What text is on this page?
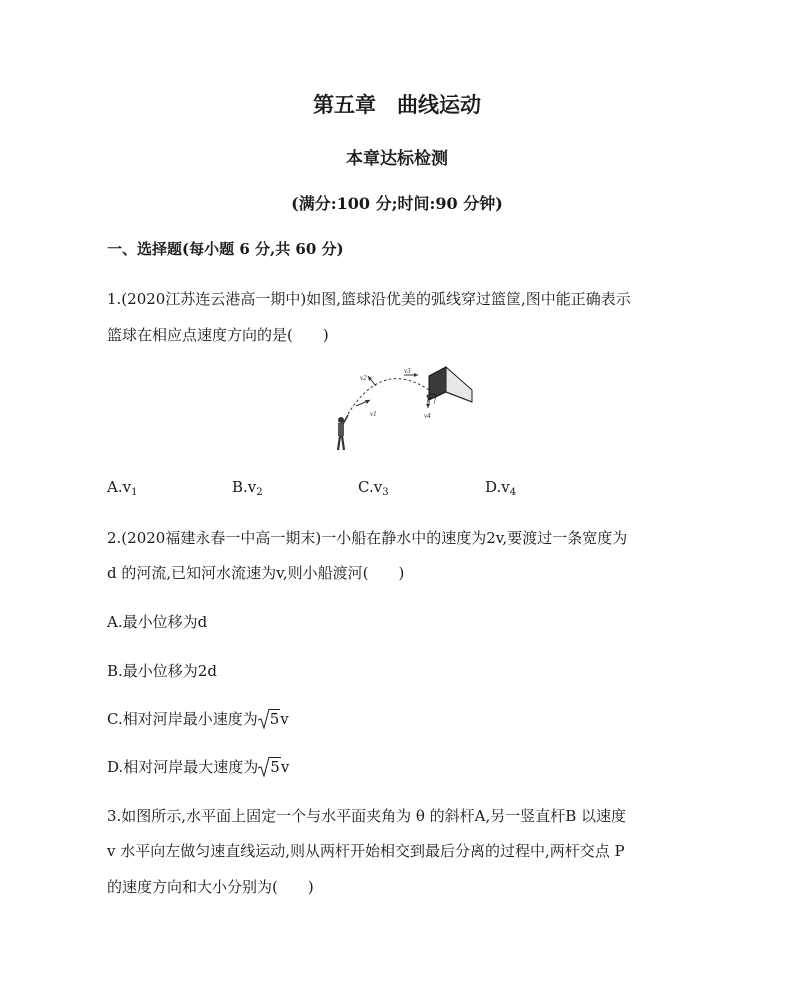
第五章　曲线运动
本章达标检测
(满分:100 分;时间:90 分钟)
一、选择题(每小题 6 分,共 60 分)
1.(2020江苏连云港高一期中)如图,篮球沿优美的弧线穿过篮筐,图中能正确表示
篮球在相应点速度方向的是(　　)
v1
v2
v3
v4
$A.v_1$	$B.v_2$	$C.v_3$	$D.v_4$
2.(2020福建永春一中高一期末)一小船在静水中的速度为2v,要渡过一条宽度为
d 的河流,已知河水流速为v,则小船渡河(　　)
A.最小位移为d
B.最小位移为2d
C.相对河岸最小速度为 5v
D.相对河岸最大速度为 5v
3.如图所示,水平面上固定一个与水平面夹角为 θ 的斜杆A,另一竖直杆B 以速度
v 水平向左做匀速直线运动,则从两杆开始相交到最后分离的过程中,两杆交点 P
的速度方向和大小分别为(　　)
